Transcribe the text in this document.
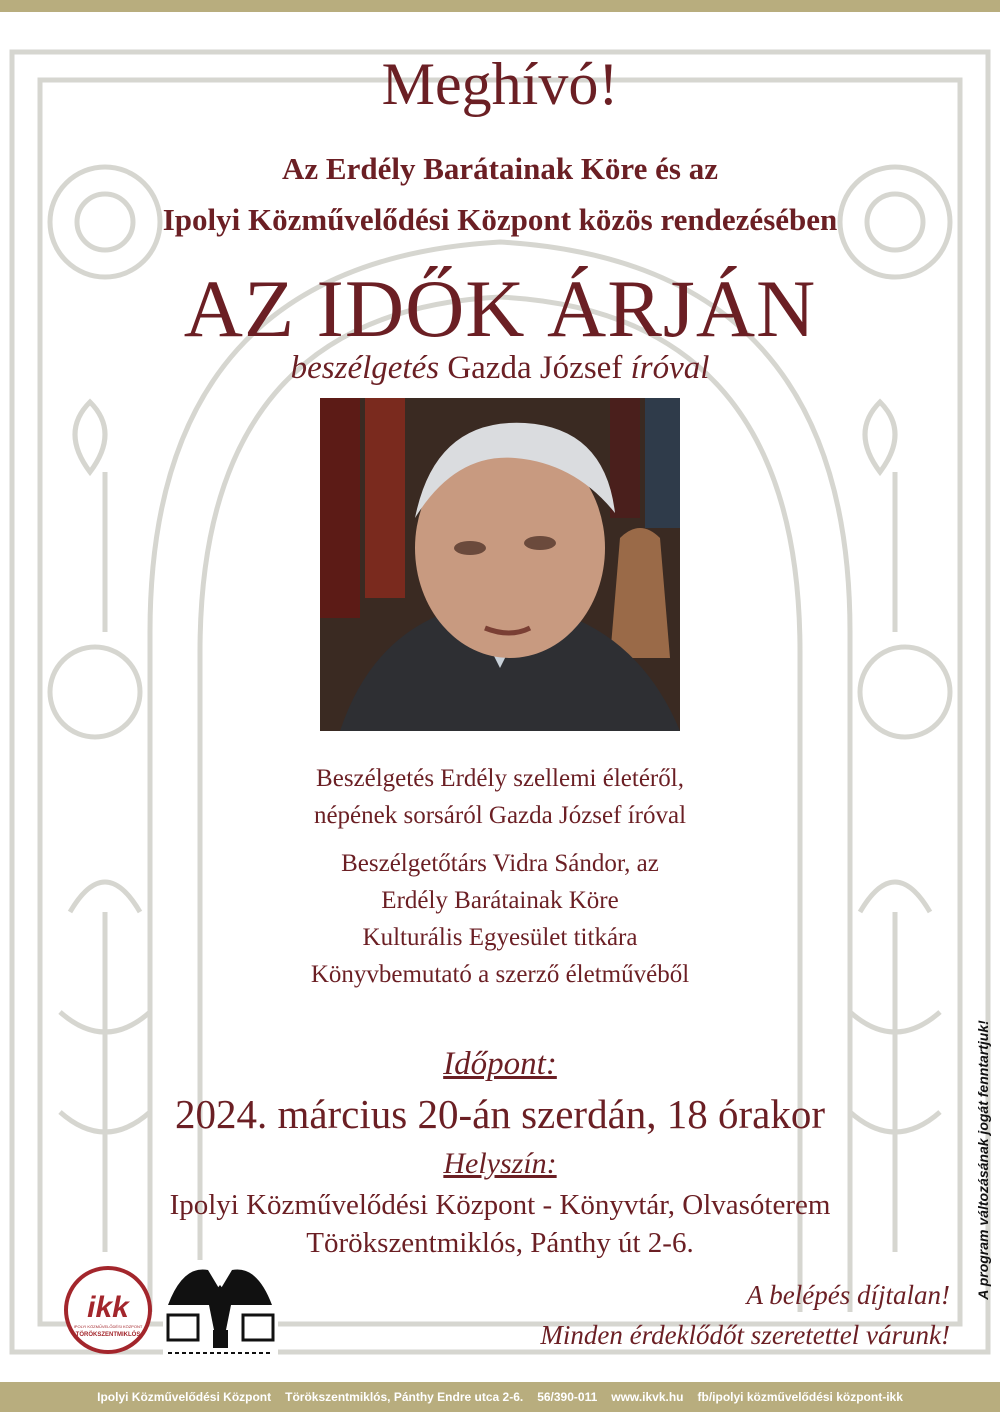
Meghívó!
Az Erdély Barátainak Köre és az
Ipolyi Közművelődési Központ közös rendezésében
AZ IDŐK ÁRJÁN
beszélgetés Gazda József íróval
Beszélgetés Erdély szellemi életéről,
népének sorsáról Gazda József íróval
Beszélgetőtárs Vidra Sándor, az
Erdély Barátainak Köre
Kulturális Egyesület titkára
Könyvbemutató a szerző életművéből
Időpont:
2024. március 20-án szerdán, 18 órakor
Helyszín:
Ipolyi Közművelődési Központ - Könyvtár, Olvasóterem
Törökszentmiklós, Pánthy út 2-6.
A belépés díjtalan!
Minden érdeklődőt szeretettel várunk!
A program változásának jogát fenntartjuk!
ikk
IPOLYI KÖZMŰVELŐDÉSI KÖZPONT
TÖRÖKSZENTMIKLÓS
Ipolyi Közművelődési Központ Törökszentmiklós, Pánthy Endre utca 2-6. 56/390-011 www.ikvk.hu fb/ipolyi közművelődési központ-ikk
